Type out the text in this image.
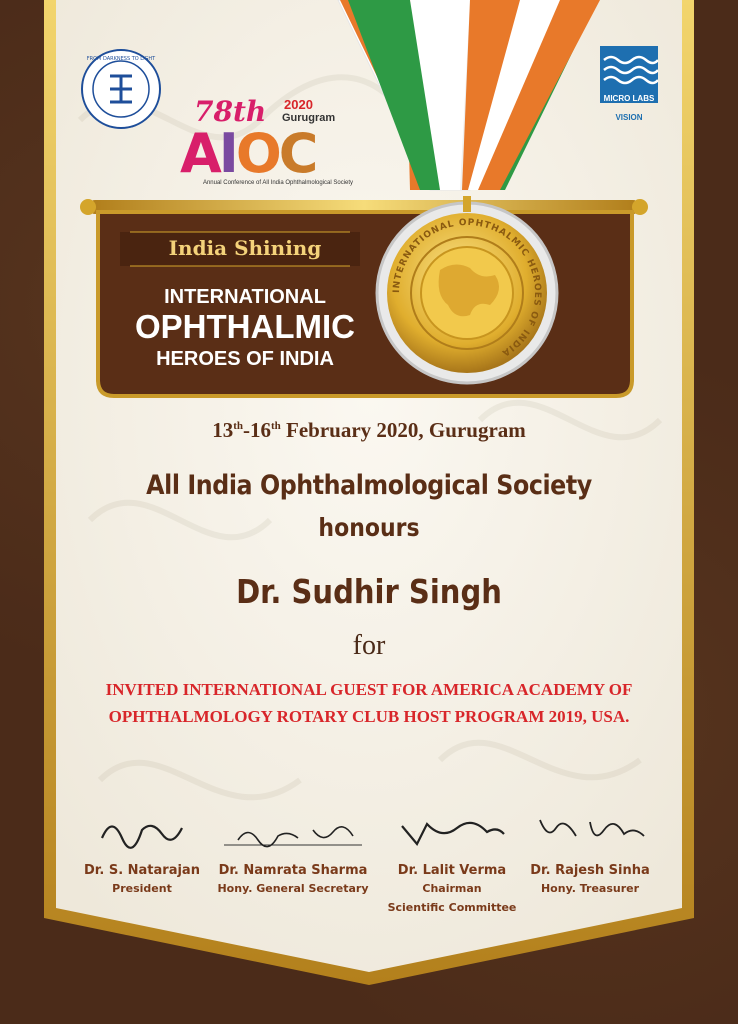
FROM DARKNESS TO LIGHT
78th 2020
Gurugram
AIOC
Annual Conference of All India Ophthalmological Society
MICRO LABS
VISION
India Shining
INTERNATIONAL
OPHTHALMIC
HEROES OF INDIA
INTERNATIONAL OPHTHALMIC HEROES OF INDIA
13th-16th February 2020, Gurugram
All India Ophthalmological Society
honours
Dr. Sudhir Singh
for
INVITED INTERNATIONAL GUEST FOR AMERICA ACADEMY OF
OPHTHALMOLOGY ROTARY CLUB HOST PROGRAM 2019, USA.
Dr. S. Natarajan
President
Dr. Namrata Sharma
Hony. General Secretary
Dr. Lalit Verma
Chairman
Scientific Committee
Dr. Rajesh Sinha
Hony. Treasurer
